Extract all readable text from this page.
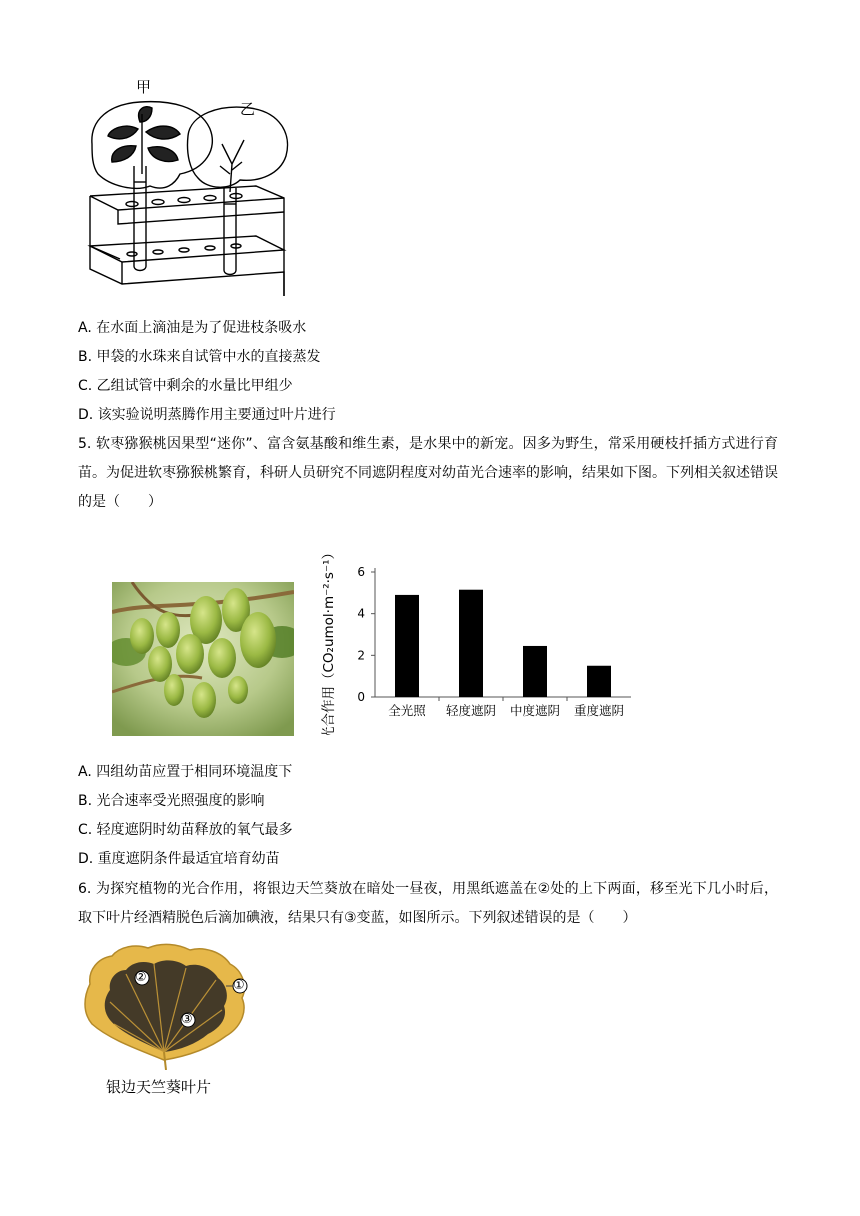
甲
乙
A. 在水面上滴油是为了促进枝条吸水
B. 甲袋的水珠来自试管中水的直接蒸发
C. 乙组试管中剩余的水量比甲组少
D. 该实验说明蒸腾作用主要通过叶片进行
5. 软枣猕猴桃因果型“迷你”、富含氨基酸和维生素，是水果中的新宠。因多为野生，常采用硬枝扦插方式进行育苗。为促进软枣猕猴桃繁育，科研人员研究不同遮阴程度对幼苗光合速率的影响，结果如下图。下列相关叙述错误的是（　　）
光合作用（CO₂umol·m⁻²·s⁻¹） 0
2
4
6
全光照 轻度遮阴 中度遮阴 重度遮阴
A. 四组幼苗应置于相同环境温度下
B. 光合速率受光照强度的影响
C. 轻度遮阴时幼苗释放的氧气最多
D. 重度遮阴条件最适宜培育幼苗
6. 为探究植物的光合作用，将银边天竺葵放在暗处一昼夜，用黑纸遮盖在②处的上下两面，移至光下几小时后，取下叶片经酒精脱色后滴加碘液，结果只有③变蓝，如图所示。下列叙述错误的是（　　）
②
③
①
银边天竺葵叶片
